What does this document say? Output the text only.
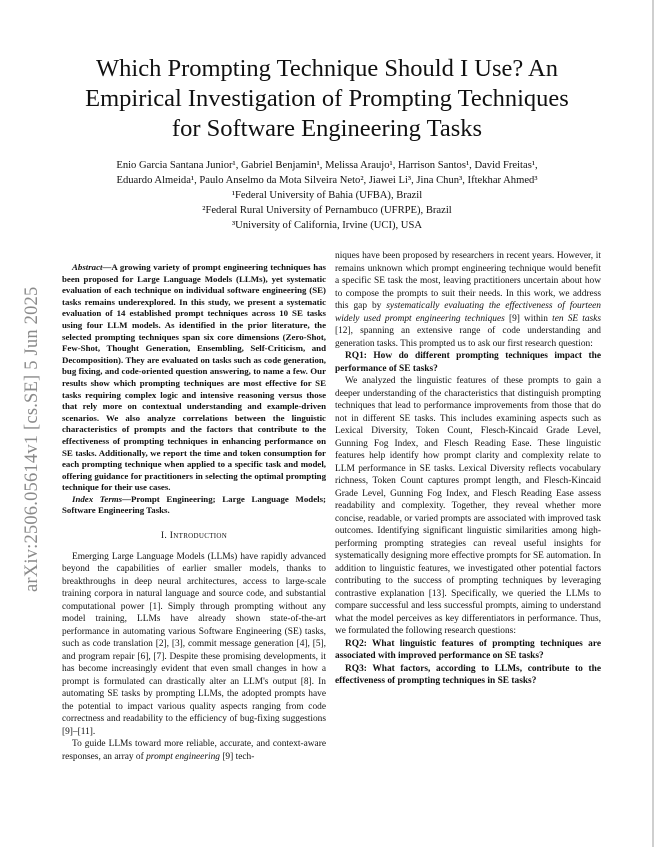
arXiv:2506.05614v1 [cs.SE] 5 Jun 2025
Which Prompting Technique Should I Use? An
Empirical Investigation of Prompting Techniques
for Software Engineering Tasks
Enio Garcia Santana Junior¹, Gabriel Benjamin¹, Melissa Araujo¹, Harrison Santos¹, David Freitas¹,
Eduardo Almeida¹, Paulo Anselmo da Mota Silveira Neto², Jiawei Li³, Jina Chun³, Iftekhar Ahmed³
¹Federal University of Bahia (UFBA), Brazil
²Federal Rural University of Pernambuco (UFRPE), Brazil
³University of California, Irvine (UCI), USA

Abstract—A growing variety of prompt engineering techniques has been proposed for Large Language Models (LLMs), yet systematic evaluation of each technique on individual software engineering (SE) tasks remains underexplored. In this study, we present a systematic evaluation of 14 established prompt techniques across 10 SE tasks using four LLM models. As identified in the prior literature, the selected prompting techniques span six core dimensions (Zero-Shot, Few-Shot, Thought Generation, Ensembling, Self-Criticism, and Decomposition). They are evaluated on tasks such as code generation, bug fixing, and code-oriented question answering, to name a few. Our results show which prompting techniques are most effective for SE tasks requiring complex logic and intensive reasoning versus those that rely more on contextual understanding and example-driven scenarios. We also analyze correlations between the linguistic characteristics of prompts and the factors that contribute to the effectiveness of prompting techniques in enhancing performance on SE tasks. Additionally, we report the time and token consumption for each prompting technique when applied to a specific task and model, offering guidance for practitioners in selecting the optimal prompting technique for their use cases.

Index Terms—Prompt Engineering; Large Language Models; Software Engineering Tasks.

I. Introduction

Emerging Large Language Models (LLMs) have rapidly advanced beyond the capabilities of earlier smaller models, thanks to breakthroughs in deep neural architectures, access to large-scale training corpora in natural language and source code, and substantial computational power [1]. Simply through prompting without any model training, LLMs have already shown state-of-the-art performance in automating various Software Engineering (SE) tasks, such as code translation [2], [3], commit message generation [4], [5], and program repair [6], [7]. Despite these promising developments, it has become increasingly evident that even small changes in how a prompt is formulated can drastically alter an LLM's output [8]. In automating SE tasks by prompting LLMs, the adopted prompts have the potential to impact various quality aspects ranging from code correctness and readability to the efficiency of bug-fixing suggestions [9]–[11].

To guide LLMs toward more reliable, accurate, and context-aware responses, an array of prompt engineering [9] tech-

niques have been proposed by researchers in recent years. However, it remains unknown which prompt engineering technique would benefit a specific SE task the most, leaving practitioners uncertain about how to compose the prompts to suit their needs. In this work, we address this gap by systematically evaluating the effectiveness of fourteen widely used prompt engineering techniques [9] within ten SE tasks [12], spanning an extensive range of code understanding and generation tasks. This prompted us to ask our first research question:

RQ1: How do different prompting techniques impact the performance of SE tasks?

We analyzed the linguistic features of these prompts to gain a deeper understanding of the characteristics that distinguish prompting techniques that lead to performance improvements from those that do not in different SE tasks. This includes examining aspects such as Lexical Diversity, Token Count, Flesch-Kincaid Grade Level, Gunning Fog Index, and Flesch Reading Ease. These linguistic features help identify how prompt clarity and complexity relate to LLM performance in SE tasks. Lexical Diversity reflects vocabulary richness, Token Count captures prompt length, and Flesch-Kincaid Grade Level, Gunning Fog Index, and Flesch Reading Ease assess readability and complexity. Together, they reveal whether more concise, readable, or varied prompts are associated with improved task outcomes. Identifying significant linguistic similarities among high-performing prompting strategies can reveal useful insights for systematically designing more effective prompts for SE automation. In addition to linguistic features, we investigated other potential factors contributing to the success of prompting techniques by leveraging contrastive explanation [13]. Specifically, we queried the LLMs to compare successful and less successful prompts, aiming to understand what the model perceives as key differentiators in performance. Thus, we formulated the following research questions:

RQ2: What linguistic features of prompting techniques are associated with improved performance on SE tasks?

RQ3: What factors, according to LLMs, contribute to the effectiveness of prompting techniques in SE tasks?
